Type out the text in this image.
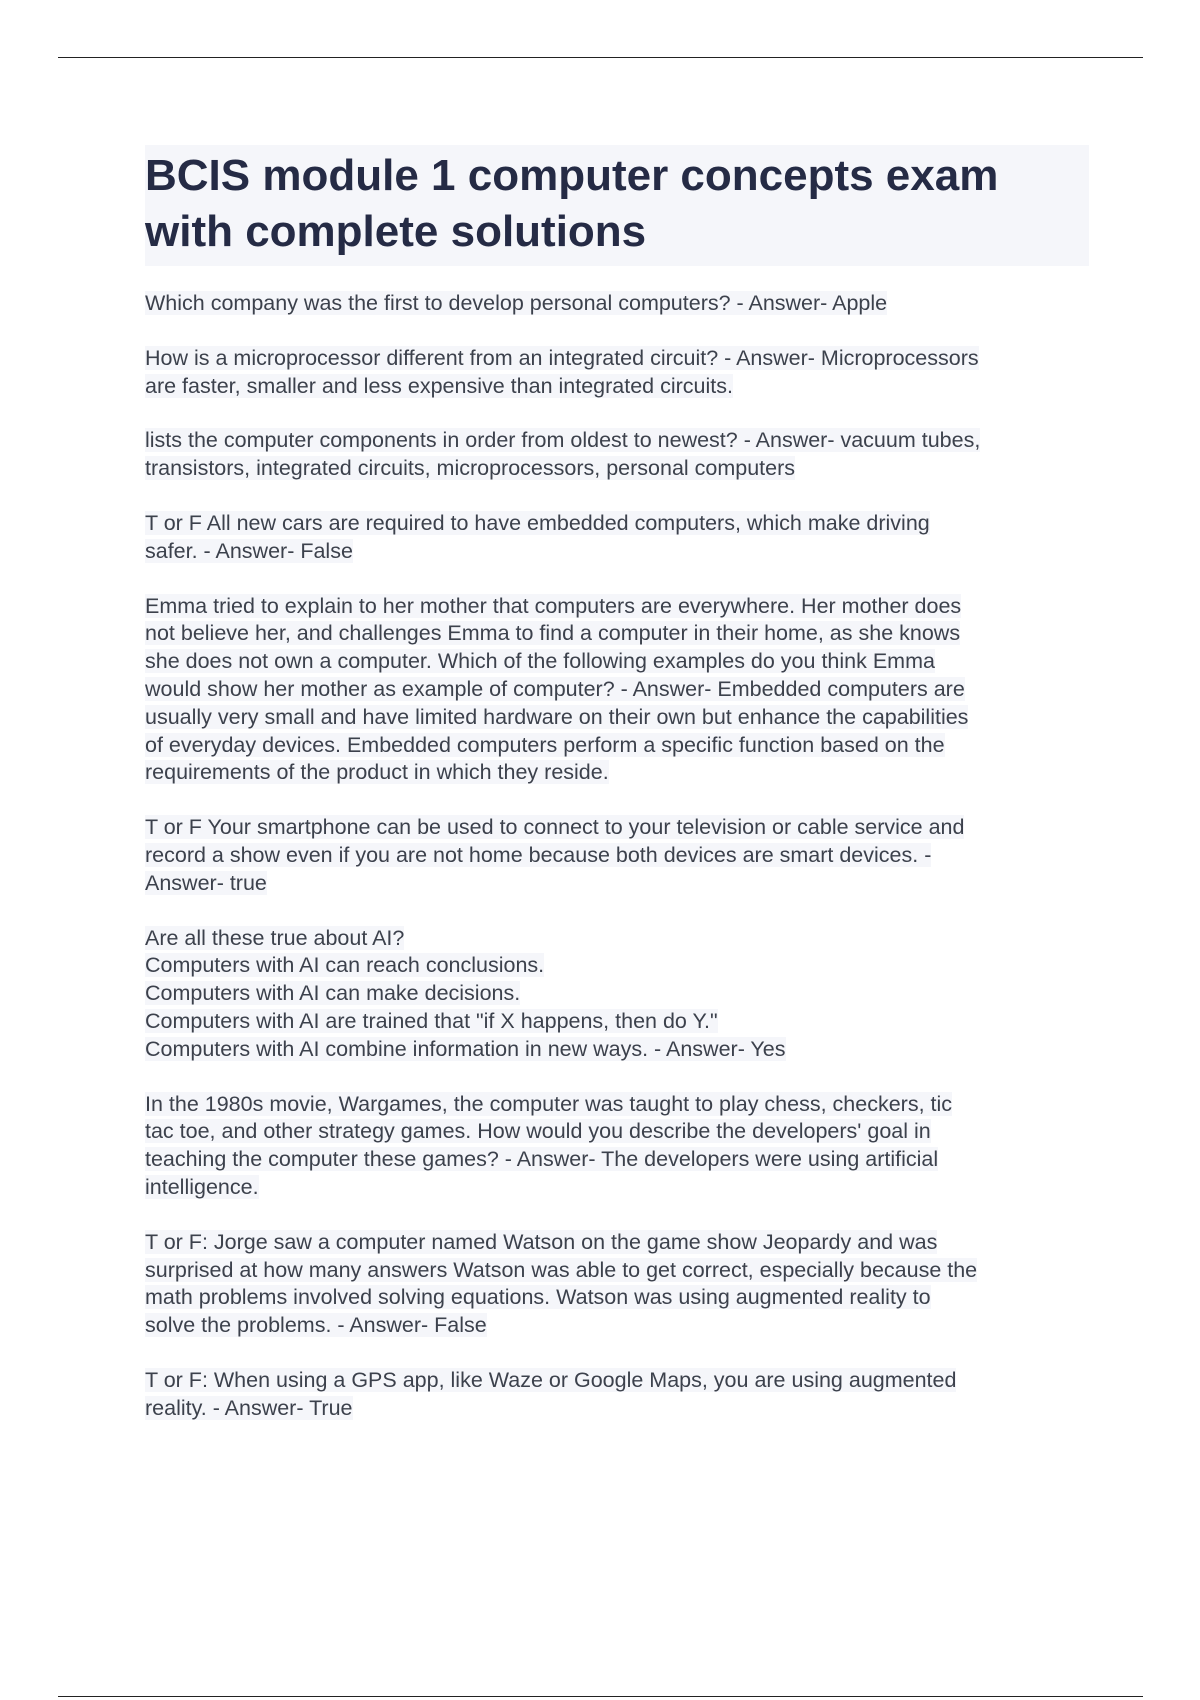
BCIS module 1 computer concepts exam
with complete solutions
Which company was the first to develop personal computers? - Answer- Apple
How is a microprocessor different from an integrated circuit? - Answer- Microprocessors
are faster, smaller and less expensive than integrated circuits.
lists the computer components in order from oldest to newest? - Answer- vacuum tubes,
transistors, integrated circuits, microprocessors, personal computers
T or F All new cars are required to have embedded computers, which make driving
safer. - Answer- False
Emma tried to explain to her mother that computers are everywhere. Her mother does
not believe her, and challenges Emma to find a computer in their home, as she knows
she does not own a computer. Which of the following examples do you think Emma
would show her mother as example of computer? - Answer- Embedded computers are
usually very small and have limited hardware on their own but enhance the capabilities
of everyday devices. Embedded computers perform a specific function based on the
requirements of the product in which they reside.
T or F Your smartphone can be used to connect to your television or cable service and
record a show even if you are not home because both devices are smart devices. -
Answer- true
Are all these true about AI?
Computers with AI can reach conclusions.
Computers with AI can make decisions.
Computers with AI are trained that "if X happens, then do Y."
Computers with AI combine information in new ways. - Answer- Yes
In the 1980s movie, Wargames, the computer was taught to play chess, checkers, tic
tac toe, and other strategy games. How would you describe the developers' goal in
teaching the computer these games? - Answer- The developers were using artificial
intelligence.
T or F: Jorge saw a computer named Watson on the game show Jeopardy and was
surprised at how many answers Watson was able to get correct, especially because the
math problems involved solving equations. Watson was using augmented reality to
solve the problems. - Answer- False
T or F: When using a GPS app, like Waze or Google Maps, you are using augmented
reality. - Answer- True
